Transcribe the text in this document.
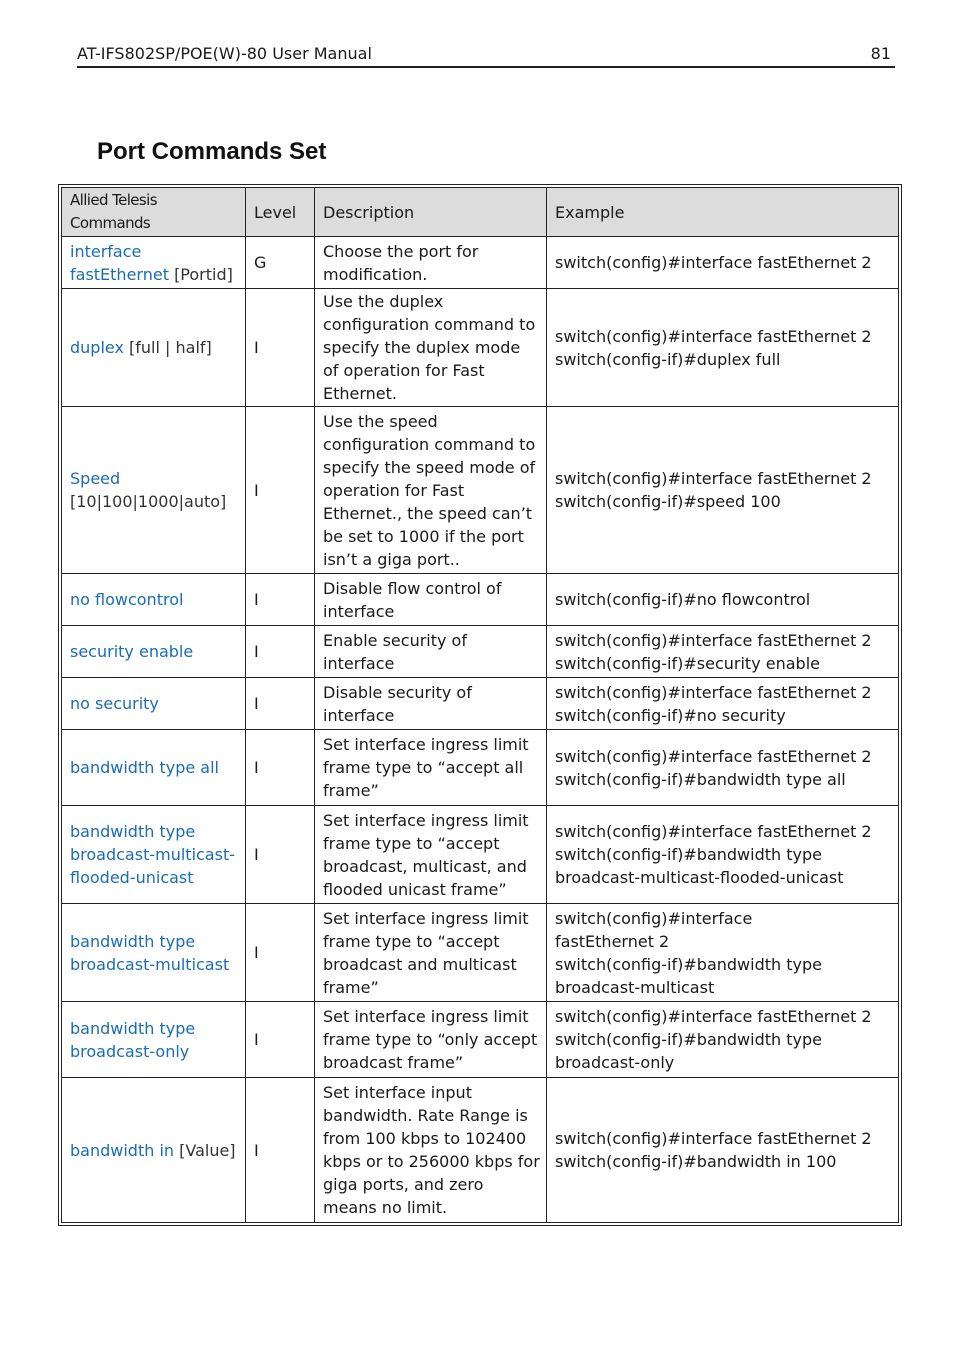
AT-IFS802SP/POE(W)-80 User Manual	81
Port Commands Set
Allied Telesis Commands	Level	Description	Example
interface fastEthernet [Portid]	G	Choose the port for modification.	switch(config)#interface fastEthernet 2

duplex [full | half]	I	Use the duplex configuration command to specify the duplex mode of operation for Fast Ethernet.	switch(config)#interface fastEthernet 2
switch(config-if)#duplex full

Speed [10|100|1000|auto]	I	Use the speed configuration command to specify the speed mode of operation for Fast Ethernet., the speed can’t be set to 1000 if the port isn’t a giga port..	switch(config)#interface fastEthernet 2
switch(config-if)#speed 100

no flowcontrol	I	Disable flow control of interface	switch(config-if)#no flowcontrol

security enable	I	Enable security of interface	switch(config)#interface fastEthernet 2
switch(config-if)#security enable

no security	I	Disable security of interface	switch(config)#interface fastEthernet 2
switch(config-if)#no security

bandwidth type all	I	Set interface ingress limit frame type to “accept all frame”	switch(config)#interface fastEthernet 2
switch(config-if)#bandwidth type all

bandwidth type broadcast-multicast-flooded-unicast	I	Set interface ingress limit frame type to “accept broadcast, multicast, and flooded unicast frame”	switch(config)#interface fastEthernet 2
switch(config-if)#bandwidth type broadcast-multicast-flooded-unicast

bandwidth type broadcast-multicast	I	Set interface ingress limit frame type to “accept broadcast and multicast frame”	switch(config)#interface
fastEthernet 2
switch(config-if)#bandwidth type broadcast-multicast

bandwidth type broadcast-only	I	Set interface ingress limit frame type to “only accept broadcast frame”	switch(config)#interface fastEthernet 2
switch(config-if)#bandwidth type broadcast-only

bandwidth in [Value]	I	Set interface input bandwidth. Rate Range is from 100 kbps to 102400 kbps or to 256000 kbps for giga ports, and zero means no limit.	switch(config)#interface fastEthernet 2
switch(config-if)#bandwidth in 100
